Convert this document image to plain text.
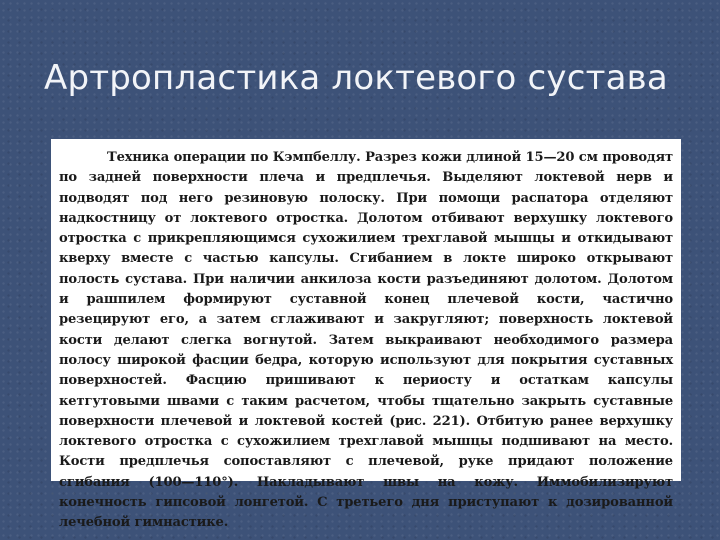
Артропластика локтевого сустава

Техника операции по Кэмпбеллу. Разрез кожи длиной 15—20 см проводят по задней поверхности плеча и предплечья. Выделяют локтевой нерв и подводят под него резиновую полоску. При помощи распатора отделяют надкостницу от локтевого отростка. Долотом отбивают верхушку локтевого отростка с прикрепляющимся сухожилием трехглавой мышцы и откидывают кверху вместе с частью капсулы. Сгибанием в локте широко открывают полость сустава. При наличии анкилоза кости разъединяют долотом. Долотом и рашпилем формируют суставной конец плечевой кости, частично резецируют его, а затем сглаживают и закругляют; поверхность локтевой кости делают слегка вогнутой. Затем выкраивают необходимого размера полосу широкой фасции бедра, которую используют для покрытия суставных поверхностей. Фасцию пришивают к периосту и остаткам капсулы кетгутовыми швами с таким расчетом, чтобы тщательно закрыть суставные поверхности плечевой и локтевой костей (рис. 221). Отбитую ранее верхушку локтевого отростка с сухожилием трехглавой мышцы подшивают на место. Кости предплечья сопоставляют с плечевой, руке придают положение сгибания (100—110°). Накладывают швы на кожу. Иммобилизируют конечность гипсовой лонгетой. С третьего дня приступают к дозированной лечебной гимнастике.
